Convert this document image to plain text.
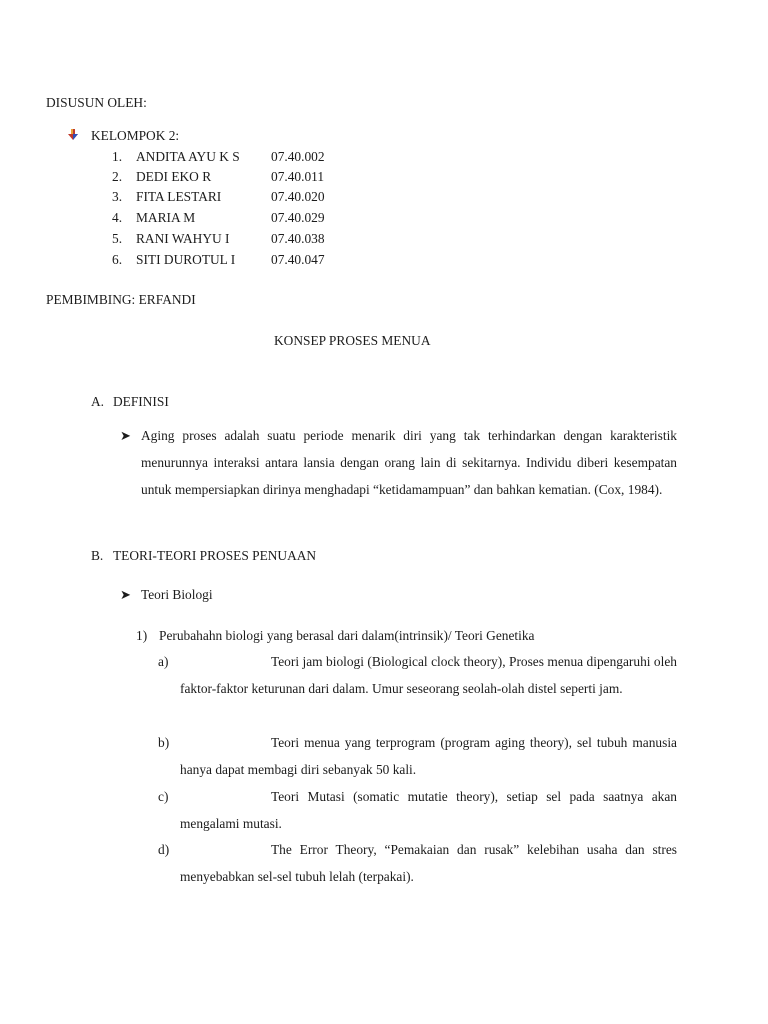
DISUSUN OLEH:
KELOMPOK 2:
1.	ANDITA AYU K S 07.40.002
2.	DEDI EKO R	07.40.011
3.	FITA LESTARI	07.40.020
4.	MARIA M	07.40.029
5.	RANI WAHYU I	07.40.038
6.	SITI DUROTUL I	07.40.047
PEMBIMBING: ERFANDI
KONSEP PROSES MENUA
A. DEFINISI
➤ Aging proses adalah suatu periode menarik diri yang tak terhindarkan dengan karakteristik menurunnya interaksi antara lansia dengan orang lain di sekitarnya. Individu diberi kesempatan untuk mempersiapkan dirinya menghadapi “ketidamampuan” dan bahkan kematian. (Cox, 1984).
B. TEORI-TEORI PROSES PENUAAN
➤ Teori Biologi
1) Perubahahn biologi yang berasal dari dalam(intrinsik)/ Teori Genetika
a)	Teori jam biologi (Biological clock theory), Proses menua dipengaruhi oleh faktor-faktor keturunan dari dalam. Umur seseorang seolah-olah distel seperti jam.
b)	Teori menua yang terprogram (program aging theory), sel tubuh manusia hanya dapat membagi diri sebanyak 50 kali.
c)	Teori Mutasi (somatic mutatie theory), setiap sel pada saatnya akan mengalami mutasi.
d)	The Error Theory, “Pemakaian dan rusak” kelebihan usaha dan stres menyebabkan sel-sel tubuh lelah (terpakai).
